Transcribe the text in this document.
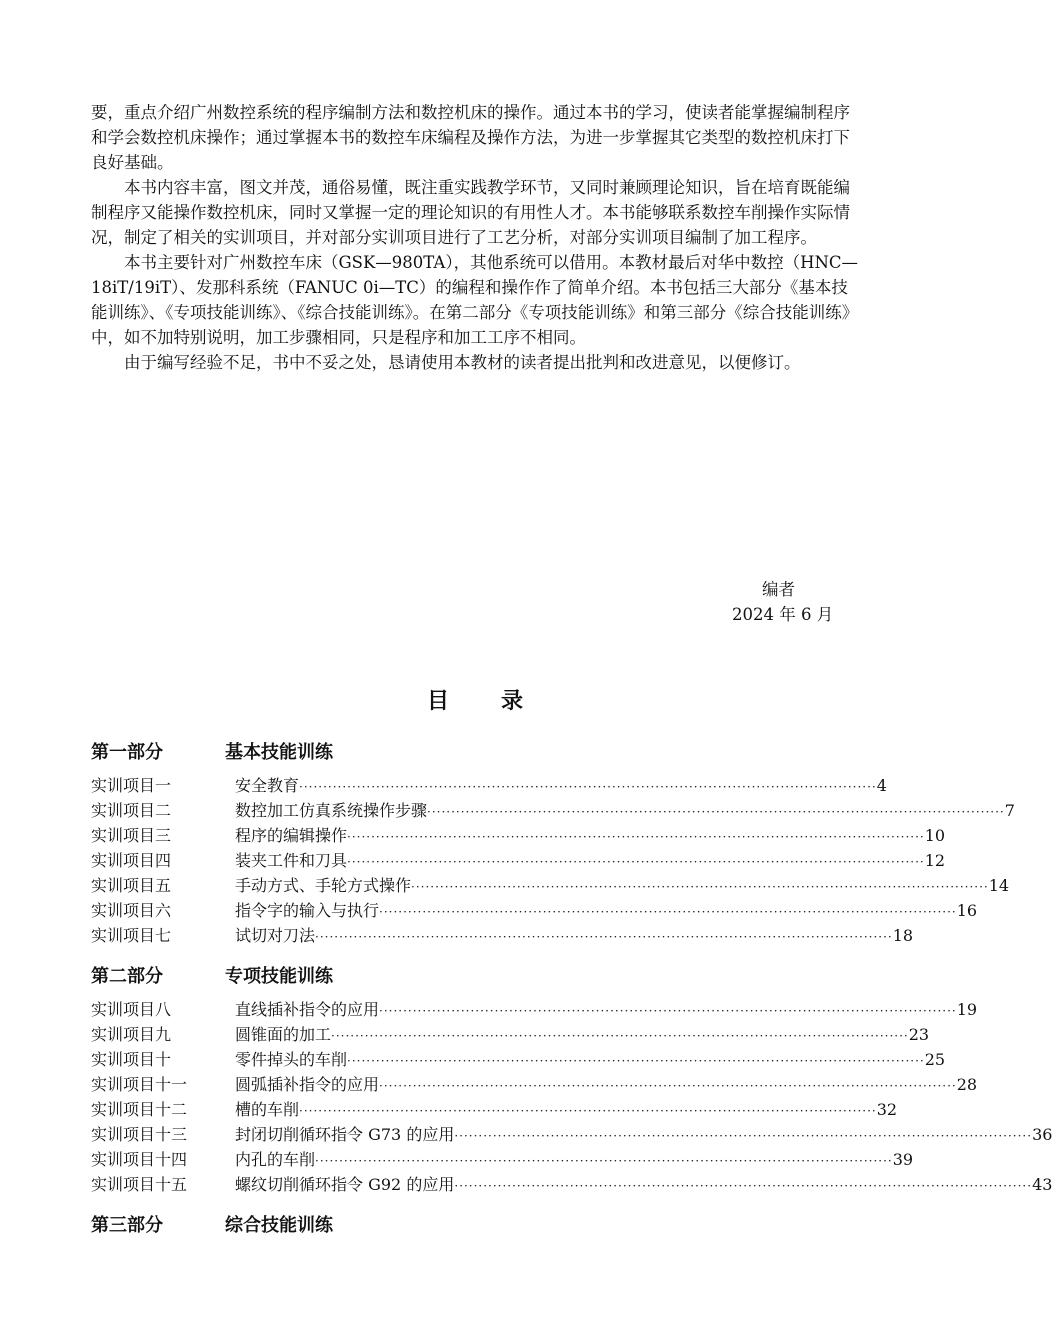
要，重点介绍广州数控系统的程序编制方法和数控机床的操作。通过本书的学习，使读者能掌握编制程序和学会数控机床操作；通过掌握本书的数控车床编程及操作方法，为进一步掌握其它类型的数控机床打下良好基础。

本书内容丰富，图文并茂，通俗易懂，既注重实践教学环节，又同时兼顾理论知识，旨在培育既能编制程序又能操作数控机床，同时又掌握一定的理论知识的有用性人才。本书能够联系数控车削操作实际情况，制定了相关的实训项目，并对部分实训项目进行了工艺分析，对部分实训项目编制了加工程序。

本书主要针对广州数控车床（GSK—980TA），其他系统可以借用。本教材最后对华中数控（HNC—18iT/19iT）、发那科系统（FANUC 0i—TC）的编程和操作作了简单介绍。本书包括三大部分《基本技能训练》、《专项技能训练》、《综合技能训练》。在第二部分《专项技能训练》和第三部分《综合技能训练》中，如不加特别说明，加工步骤相同，只是程序和加工工序不相同。

由于编写经验不足，书中不妥之处，恳请使用本教材的读者提出批判和改进意见，以便修订。

编者
2024 年 6 月
目 录
第一部分	基本技能训练
实训项目一	安全教育 ························································································································ 4
实训项目二	数控加工仿真系统操作步骤 ························································································································ 7
实训项目三	程序的编辑操作 ························································································································ 10
实训项目四	装夹工件和刀具 ························································································································ 12
实训项目五	手动方式、手轮方式操作 ························································································································ 14
实训项目六	指令字的输入与执行 ························································································································ 16
实训项目七	试切对刀法 ························································································································ 18
第二部分	专项技能训练
实训项目八	直线插补指令的应用 ························································································································ 19
实训项目九	圆锥面的加工 ························································································································ 23
实训项目十	零件掉头的车削 ························································································································ 25
实训项目十一	圆弧插补指令的应用 ························································································································ 28
实训项目十二	槽的车削 ························································································································ 32
实训项目十三	封闭切削循环指令 G73 的应用 ························································································································ 36
实训项目十四	内孔的车削 ························································································································ 39
实训项目十五	螺纹切削循环指令 G92 的应用 ························································································································ 43
第三部分	综合技能训练
